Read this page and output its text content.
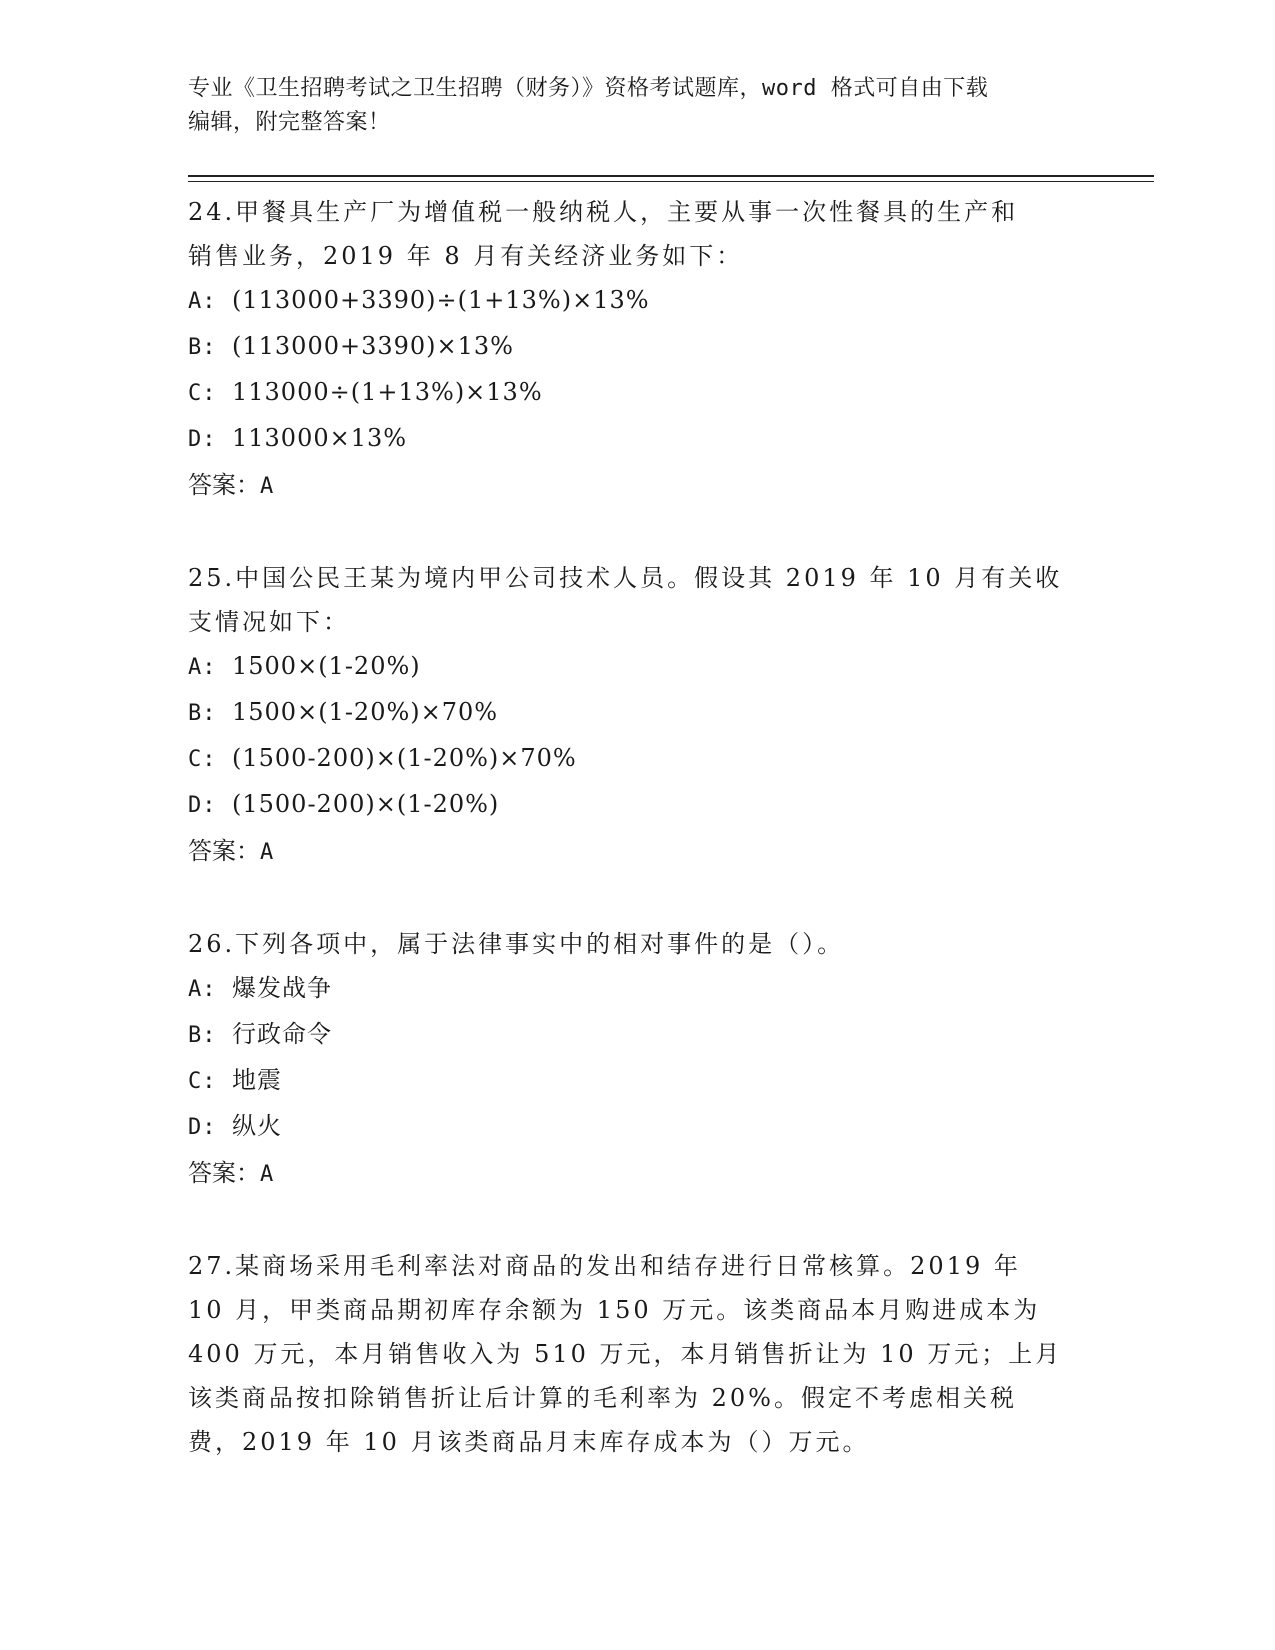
专业《卫生招聘考试之卫生招聘（财务）》资格考试题库，word 格式可自由下载
编辑，附完整答案！
24.甲餐具生产厂为增值税一般纳税人，主要从事一次性餐具的生产和
销售业务，2019 年 8 月有关经济业务如下：
A: (113000+3390)÷(1+13%)×13%
B: (113000+3390)×13%
C: 113000÷(1+13%)×13%
D: 113000×13%
答案：A
25.中国公民王某为境内甲公司技术人员。假设其 2019 年 10 月有关收
支情况如下：
A: 1500×(1-20%)
B: 1500×(1-20%)×70%
C: (1500-200)×(1-20%)×70%
D: (1500-200)×(1-20%)
答案：A
26.下列各项中，属于法律事实中的相对事件的是（）。
A: 爆发战争
B: 行政命令
C: 地震
D: 纵火
答案：A
27.某商场采用毛利率法对商品的发出和结存进行日常核算。2019 年
10 月，甲类商品期初库存余额为 150 万元。该类商品本月购进成本为
400 万元，本月销售收入为 510 万元，本月销售折让为 10 万元；上月
该类商品按扣除销售折让后计算的毛利率为 20%。假定不考虑相关税
费，2019 年 10 月该类商品月末库存成本为（）万元。
